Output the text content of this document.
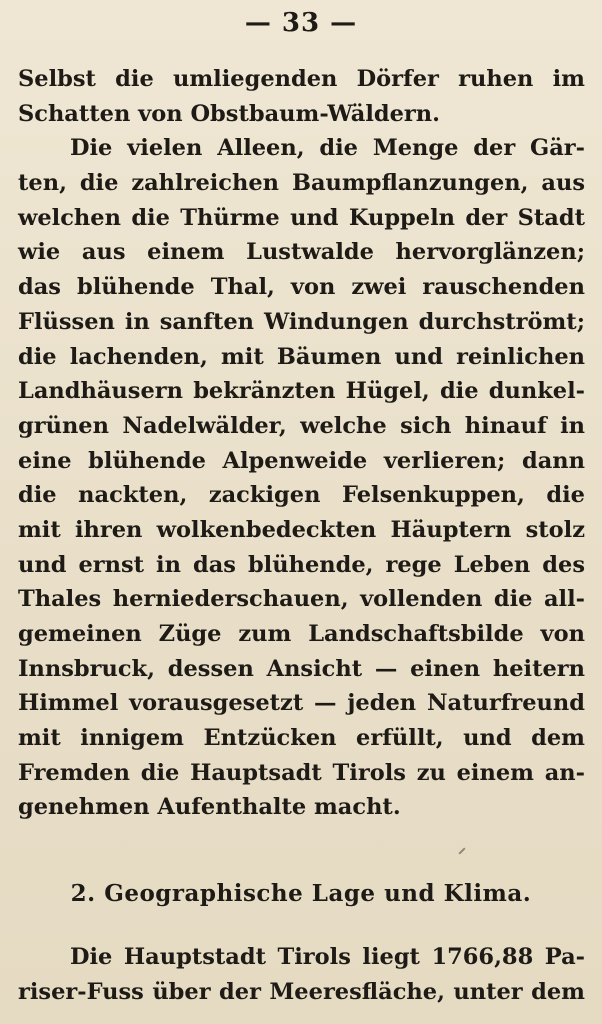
— 33 —
Selbst die umliegenden Dörfer ruhen im
Schatten von Obstbaum-Wäldern.
Die vielen Alleen, die Menge der Gär-
ten, die zahlreichen Baumpflanzungen, aus
welchen die Thürme und Kuppeln der Stadt
wie aus einem Lustwalde hervorglänzen;
das blühende Thal, von zwei rauschenden
Flüssen in sanften Windungen durchströmt;
die lachenden, mit Bäumen und reinlichen
Landhäusern bekränzten Hügel, die dunkel-
grünen Nadelwälder, welche sich hinauf in
eine blühende Alpenweide verlieren; dann
die nackten, zackigen Felsenkuppen, die
mit ihren wolkenbedeckten Häuptern stolz
und ernst in das blühende, rege Leben des
Thales herniederschauen, vollenden die all-
gemeinen Züge zum Landschaftsbilde von
Innsbruck, dessen Ansicht — einen heitern
Himmel vorausgesetzt — jeden Naturfreund
mit innigem Entzücken erfüllt, und dem
Fremden die Hauptsadt Tirols zu einem an-
genehmen Aufenthalte macht.
2. Geographische Lage und Klima.
Die Hauptstadt Tirols liegt 1766,88 Pa-
riser-Fuss über der Meeresfläche, unter dem
